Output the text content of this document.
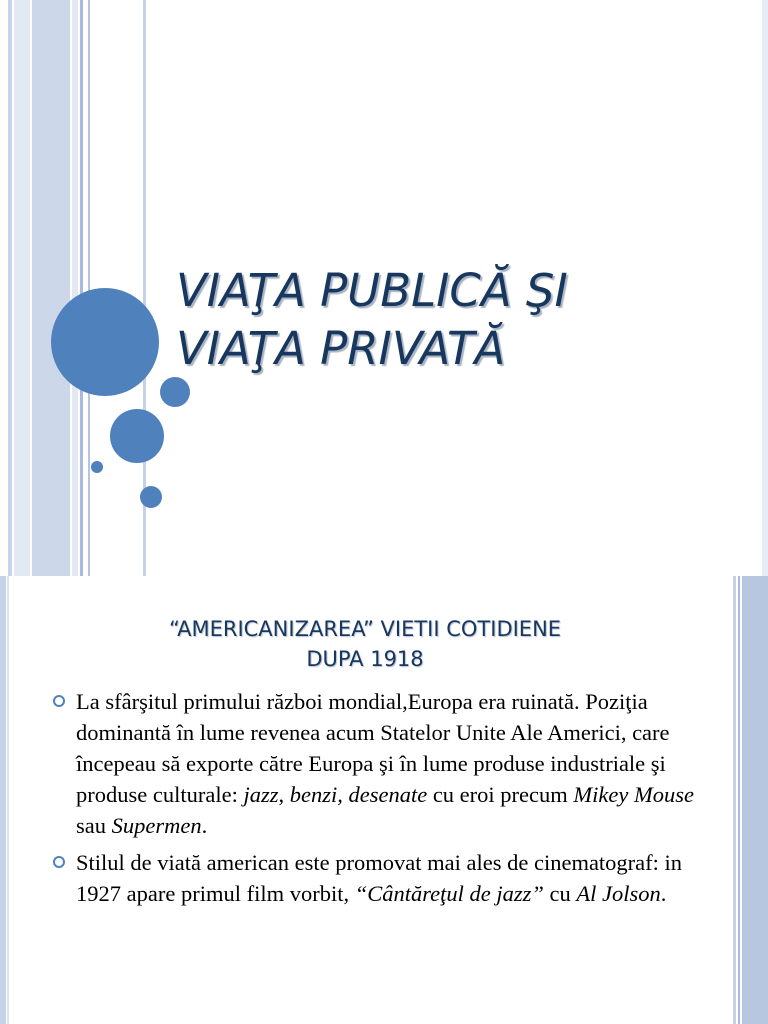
VIAŢA PUBLICĂ ŞI
VIAŢA PRIVATĂ
“AMERICANIZAREA” VIETII COTIDIENE
DUPA 1918
La sfârşitul primului război mondial,Europa era ruinată. Poziţia dominantă în lume revenea acum Statelor Unite Ale Americi, care începeau să exporte către Europa şi în lume produse industriale şi produse culturale: jazz, benzi, desenate cu eroi precum Mikey Mouse sau Supermen.
Stilul de viată american este promovat mai ales de cinematograf: in 1927 apare primul film vorbit, “Cântăreţul de jazz” cu Al Jolson.
